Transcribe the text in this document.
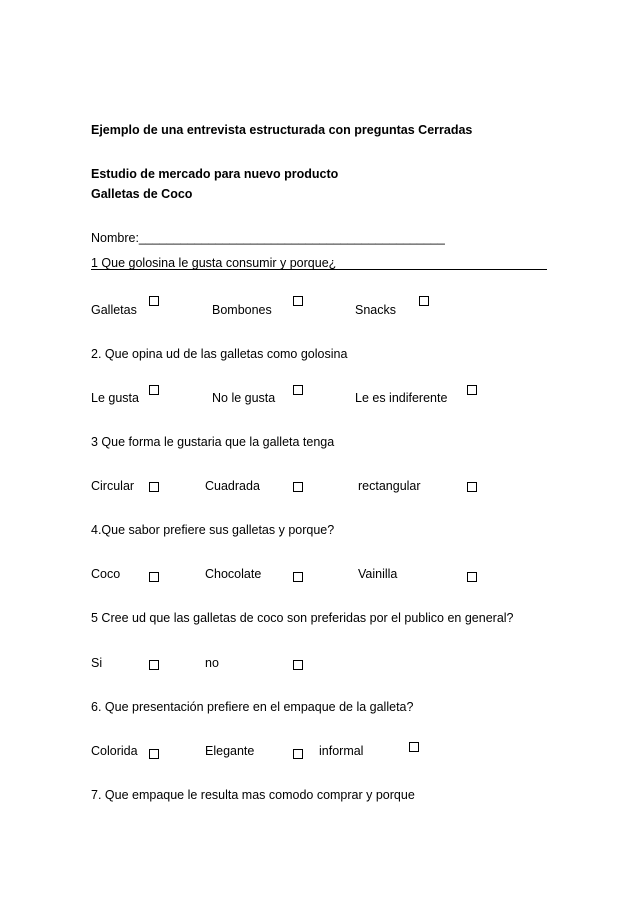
Ejemplo de una entrevista estructurada con preguntas Cerradas
Estudio de mercado para nuevo producto
Galletas de Coco
Nombre:____________________________________________
1 Que golosina le gusta consumir y porque¿
Galletas	Bombones	Snacks
2. Que opina ud de las galletas como golosina
Le gusta	No le gusta	Le es indiferente
3 Que forma le gustaria que la galleta tenga
Circular	Cuadrada	rectangular
4.Que sabor prefiere sus galletas y porque?
Coco	Chocolate	Vainilla
5 Cree ud que las galletas de coco son preferidas por el publico en general?
Si	no
6. Que presentación prefiere en el empaque de la galleta?
Colorida	Elegante	informal
7. Que empaque le resulta mas comodo comprar y porque
